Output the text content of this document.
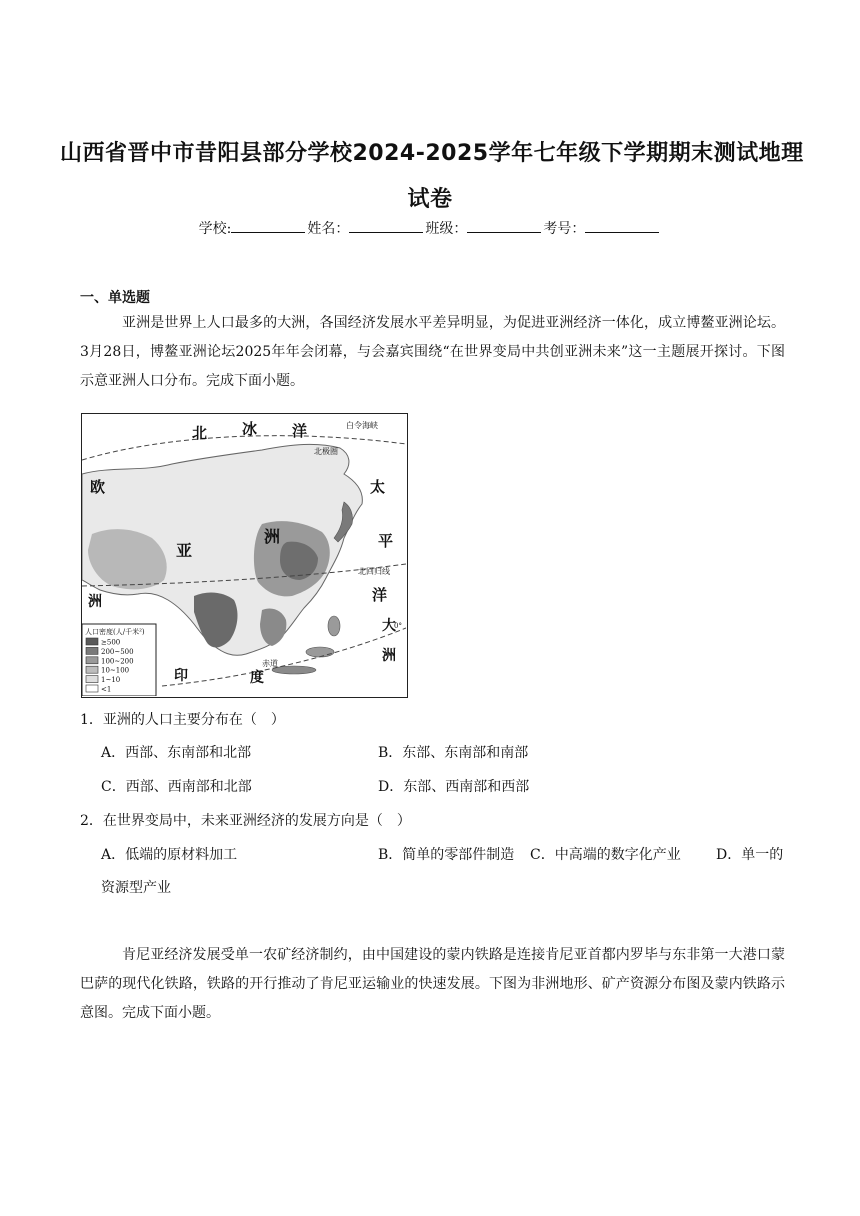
山西省晋中市昔阳县部分学校2024-2025学年七年级下学期期末测试地理
试卷
学校:	姓名：	班级：	考号：
一、单选题
亚洲是世界上人口最多的大洲，各国经济发展水平差异明显，为促进亚洲经济一体化，成立博鳌亚洲论坛。3月28日，博鳌亚洲论坛2025年年会闭幕，与会嘉宾围绕“在世界变局中共创亚洲未来”这一主题展开探讨。下图示意亚洲人口分布。完成下面小题。
北 冰 洋	白令海峡
北极圈
欧
亚
洲
太
平
洋
北回归线
洲
大
0°
洲
印	度
赤道
人口密度(人/千米²)
≥500
200~500
100~200
10~100
1~10
<1
1．亚洲的人口主要分布在（　）
A．西部、东南部和北部	B．东部、东南部和南部
C．西部、西南部和北部	D．东部、西南部和西部
2．在世界变局中，未来亚洲经济的发展方向是（　）
A．低端的原材料加工	B．简单的零部件制造 C．中高端的数字化产业	D．单一的
资源型产业
肯尼亚经济发展受单一农矿经济制约，由中国建设的蒙内铁路是连接肯尼亚首都内罗毕与东非第一大港口蒙巴萨的现代化铁路，铁路的开行推动了肯尼亚运输业的快速发展。下图为非洲地形、矿产资源分布图及蒙内铁路示意图。完成下面小题。
